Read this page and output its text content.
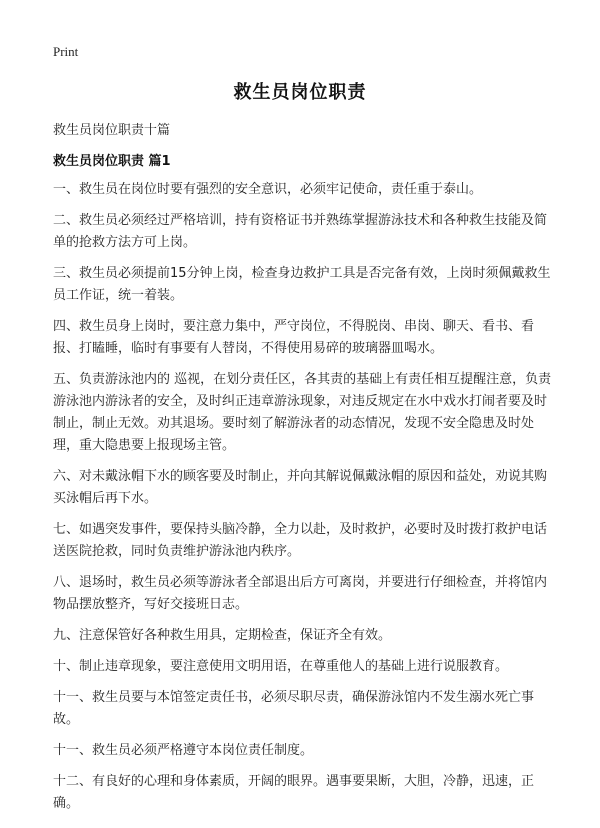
Print
救生员岗位职责
救生员岗位职责十篇
救生员岗位职责 篇1

一、救生员在岗位时要有强烈的安全意识，必须牢记使命，责任重于泰山。

二、救生员必须经过严格培训，持有资格证书并熟练掌握游泳技术和各种救生技能及简单的抢救方法方可上岗。

三、救生员必须提前15分钟上岗，检查身边救护工具是否完备有效，上岗时须佩戴救生员工作证，统一着装。

四、救生员身上岗时，要注意力集中，严守岗位，不得脱岗、串岗、聊天、看书、看报、打瞌睡，临时有事要有人替岗，不得使用易碎的玻璃器皿喝水。

五、负责游泳池内的 巡视，在划分责任区，各其责的基础上有责任相互提醒注意，负责游泳池内游泳者的安全，及时纠正违章游泳现象，对违反规定在水中戏水打闹者要及时制止，制止无效。劝其退场。要时刻了解游泳者的动态情况，发现不安全隐患及时处理，重大隐患要上报现场主管。

六、对未戴泳帽下水的顾客要及时制止，并向其解说佩戴泳帽的原因和益处，劝说其购买泳帽后再下水。

七、如遇突发事件，要保持头脑冷静，全力以赴，及时救护，必要时及时拨打救护电话送医院抢救，同时负责维护游泳池内秩序。

八、退场时，救生员必须等游泳者全部退出后方可离岗，并要进行仔细检查，并将馆内物品摆放整齐，写好交接班日志。

九、注意保管好各种救生用具，定期检查，保证齐全有效。

十、制止违章现象，要注意使用文明用语，在尊重他人的基础上进行说服教育。

十一、救生员要与本馆签定责任书，必须尽职尽责，确保游泳馆内不发生溺水死亡事故。

十一、救生员必须严格遵守本岗位责任制度。

十二、有良好的心理和身体素质，开阔的眼界。遇事要果断，大胆，冷静，迅速，正确。
